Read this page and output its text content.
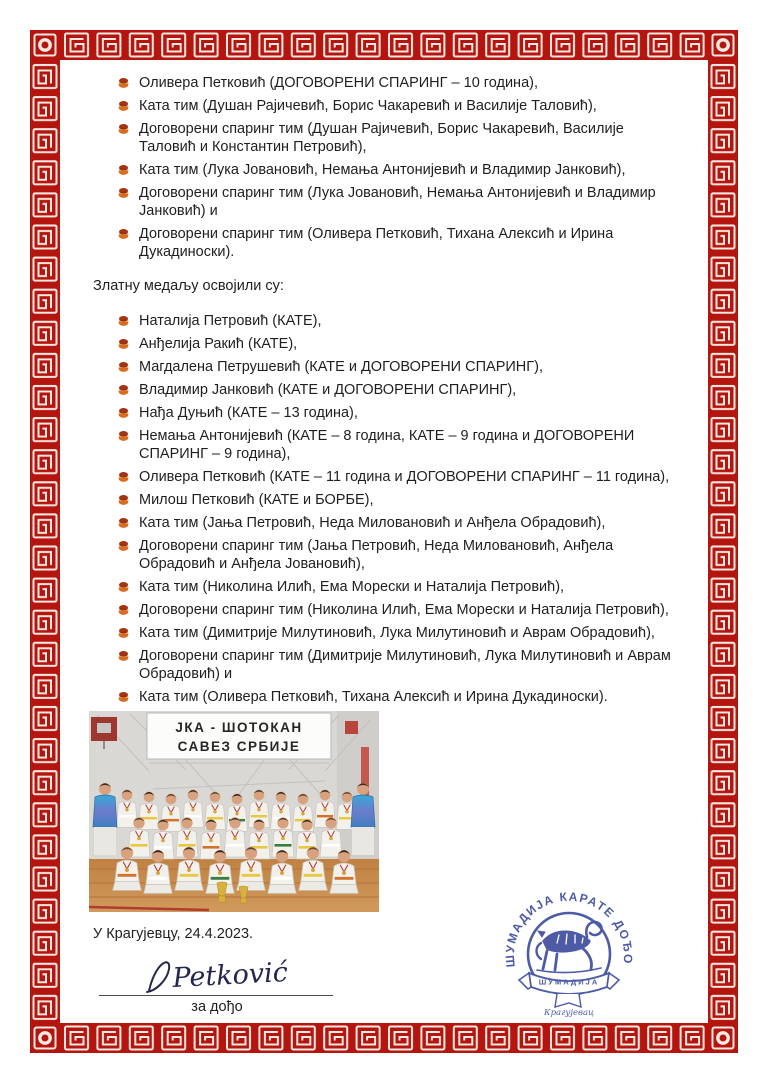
Оливера Петковић (ДОГОВОРЕНИ СПАРИНГ – 10 година),
Ката тим (Душан Рајичевић, Борис Чакаревић и Василије Таловић),
Договорени спаринг тим (Душан Рајичевић, Борис Чакаревић, Василије Таловић и Константин Петровић),
Ката тим (Лука Јовановић, Немања Антонијевић и Владимир Јанковић),
Договорени спаринг тим (Лука Јовановић, Немања Антонијевић и Владимир Јанковић) и
Договорени спаринг тим (Оливера Петковић, Тихана Алексић и Ирина Дукадиноски).

Златну медаљу освојили су:

Наталија Петровић (КАТЕ),
Анђелија Ракић (КАТЕ),
Магдалена Петрушевић (КАТЕ и ДОГОВОРЕНИ СПАРИНГ),
Владимир Јанковић (КАТЕ и ДОГОВОРЕНИ СПАРИНГ),
Нађа Дуњић (КАТЕ – 13 година),
Немања Антонијевић (КАТЕ – 8 година, КАТЕ – 9 година и ДОГОВОРЕНИ СПАРИНГ – 9 година),
Оливера Петковић (КАТЕ – 11 година и ДОГОВОРЕНИ СПАРИНГ – 11 година),
Милош Петковић (КАТЕ и БОРБЕ),
Ката тим (Јања Петровић, Неда Миловановић и Анђела Обрадовић),
Договорени спаринг тим (Јања Петровић, Неда Миловановић, Анђела Обрадовић и Анђела Јовановић),
Ката тим (Николина Илић, Ема Морески и Наталија Петровић),
Договорени спаринг тим (Николина Илић, Ема Морески и Наталија Петровић),
Ката тим (Димитрије Милутиновић, Лука Милутиновић и Аврам Обрадовић),
Договорени спаринг тим (Димитрије Милутиновић, Лука Милутиновић и Аврам Обрадовић) и
Ката тим (Оливера Петковић, Тихана Алексић и Ирина Дукадиноски).
ЈКА - ШОТОКАН
САВЕЗ СРБИЈЕ

У Крагујевцу, 24.4.2023.

Petković

за дођо

ШУМАДИЈА КАРАТЕ ДОЂО
ШУМАДИЈА
Крагујевац
